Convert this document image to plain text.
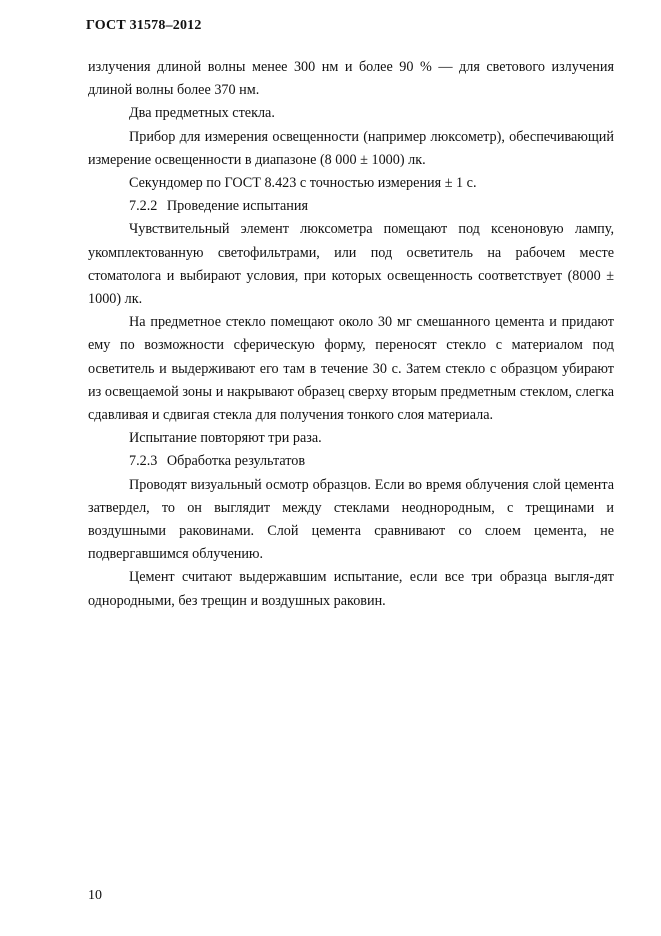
ГОСТ 31578–2012

излучения длиной волны менее 300 нм и более 90 % — для светового излучения длиной волны более 370 нм.

Два предметных стекла.

Прибор для измерения освещенности (например люксометр), обеспечивающий измерение освещенности в диапазоне (8 000 ± 1000) лк.

Секундомер по ГОСТ 8.423 с точностью измерения ± 1 с.

7.2.2 Проведение испытания

Чувствительный элемент люксометра помещают под ксеноновую лампу, укомплектованную светофильтрами, или под осветитель на рабочем месте стоматолога и выбирают условия, при которых освещенность соответствует (8000 ± 1000) лк.

На предметное стекло помещают около 30 мг смешанного цемента и придают ему по возможности сферическую форму, переносят стекло с материалом под осветитель и выдерживают его там в течение 30 с. Затем стекло с образцом убирают из освещаемой зоны и накрывают образец сверху вторым предметным стеклом, слегка сдавливая и сдвигая стекла для получения тонкого слоя материала.

Испытание повторяют три раза.

7.2.3 Обработка результатов

Проводят визуальный осмотр образцов. Если во время облучения слой цемента затвердел, то он выглядит между стеклами неоднородным, с трещинами и воздушными раковинами. Слой цемента сравнивают со слоем цемента, не подвергавшимся облучению.

Цемент считают выдержавшим испытание, если все три образца выгля-дят однородными, без трещин и воздушных раковин.

10
